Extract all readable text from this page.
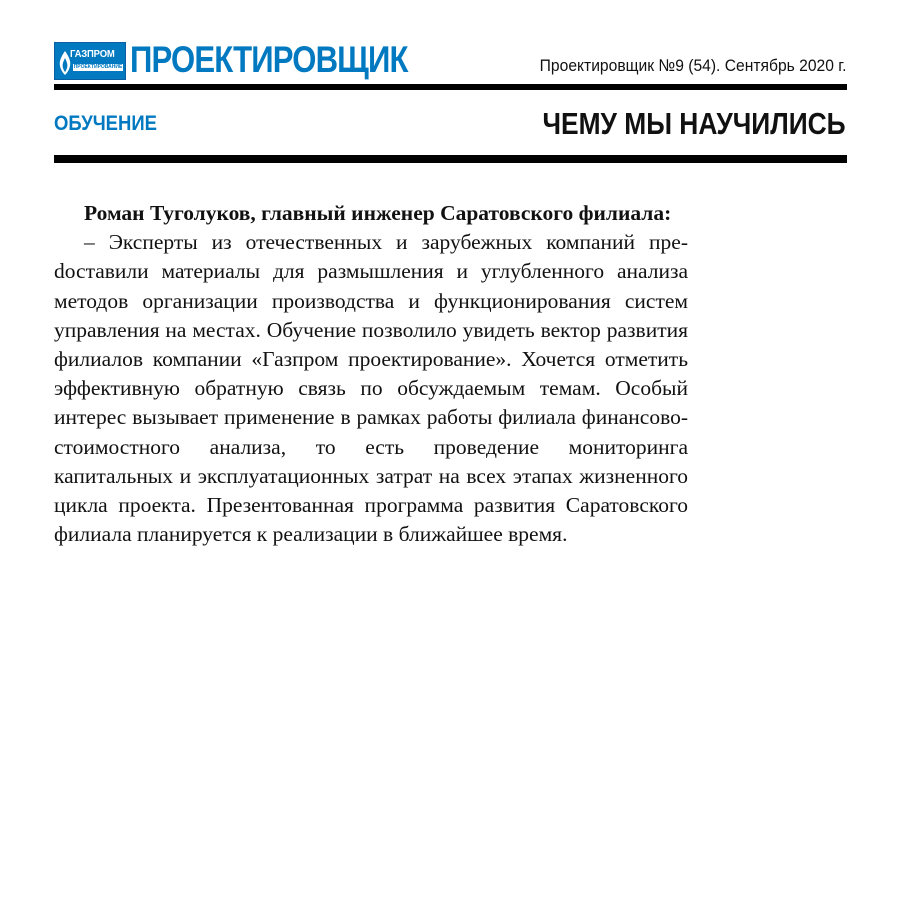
ГАЗПРОМ
ПРОЕКТИРОВАНИЕ ПРОЕКТИРОВЩИК	Проектировщик №9 (54). Сентябрь 2020 г.
ОБУЧЕНИЕ	ЧЕМУ МЫ НАУЧИЛИСЬ

Роман Туголуков, главный инженер Саратовского филиала:

– Эксперты из отечественных и зарубежных компаний преdоставили материалы для размышления и углубленного анализа методов организации производства и функционирования систем управления на местах. Обучение позволило увидеть вектор развития филиалов компании «Газпром проектирование». Хочется отметить эффективную обратную связь по обсуждаемым темам. Особый интерес вызывает применение в рамках работы филиала финансово-стоимостного анализа, то есть проведение мониторинга капитальных и эксплуатационных затрат на всех этапах жизненного цикла проекта. Презентованная программа развития Саратовского филиала планируется к реализации в ближайшее время.
